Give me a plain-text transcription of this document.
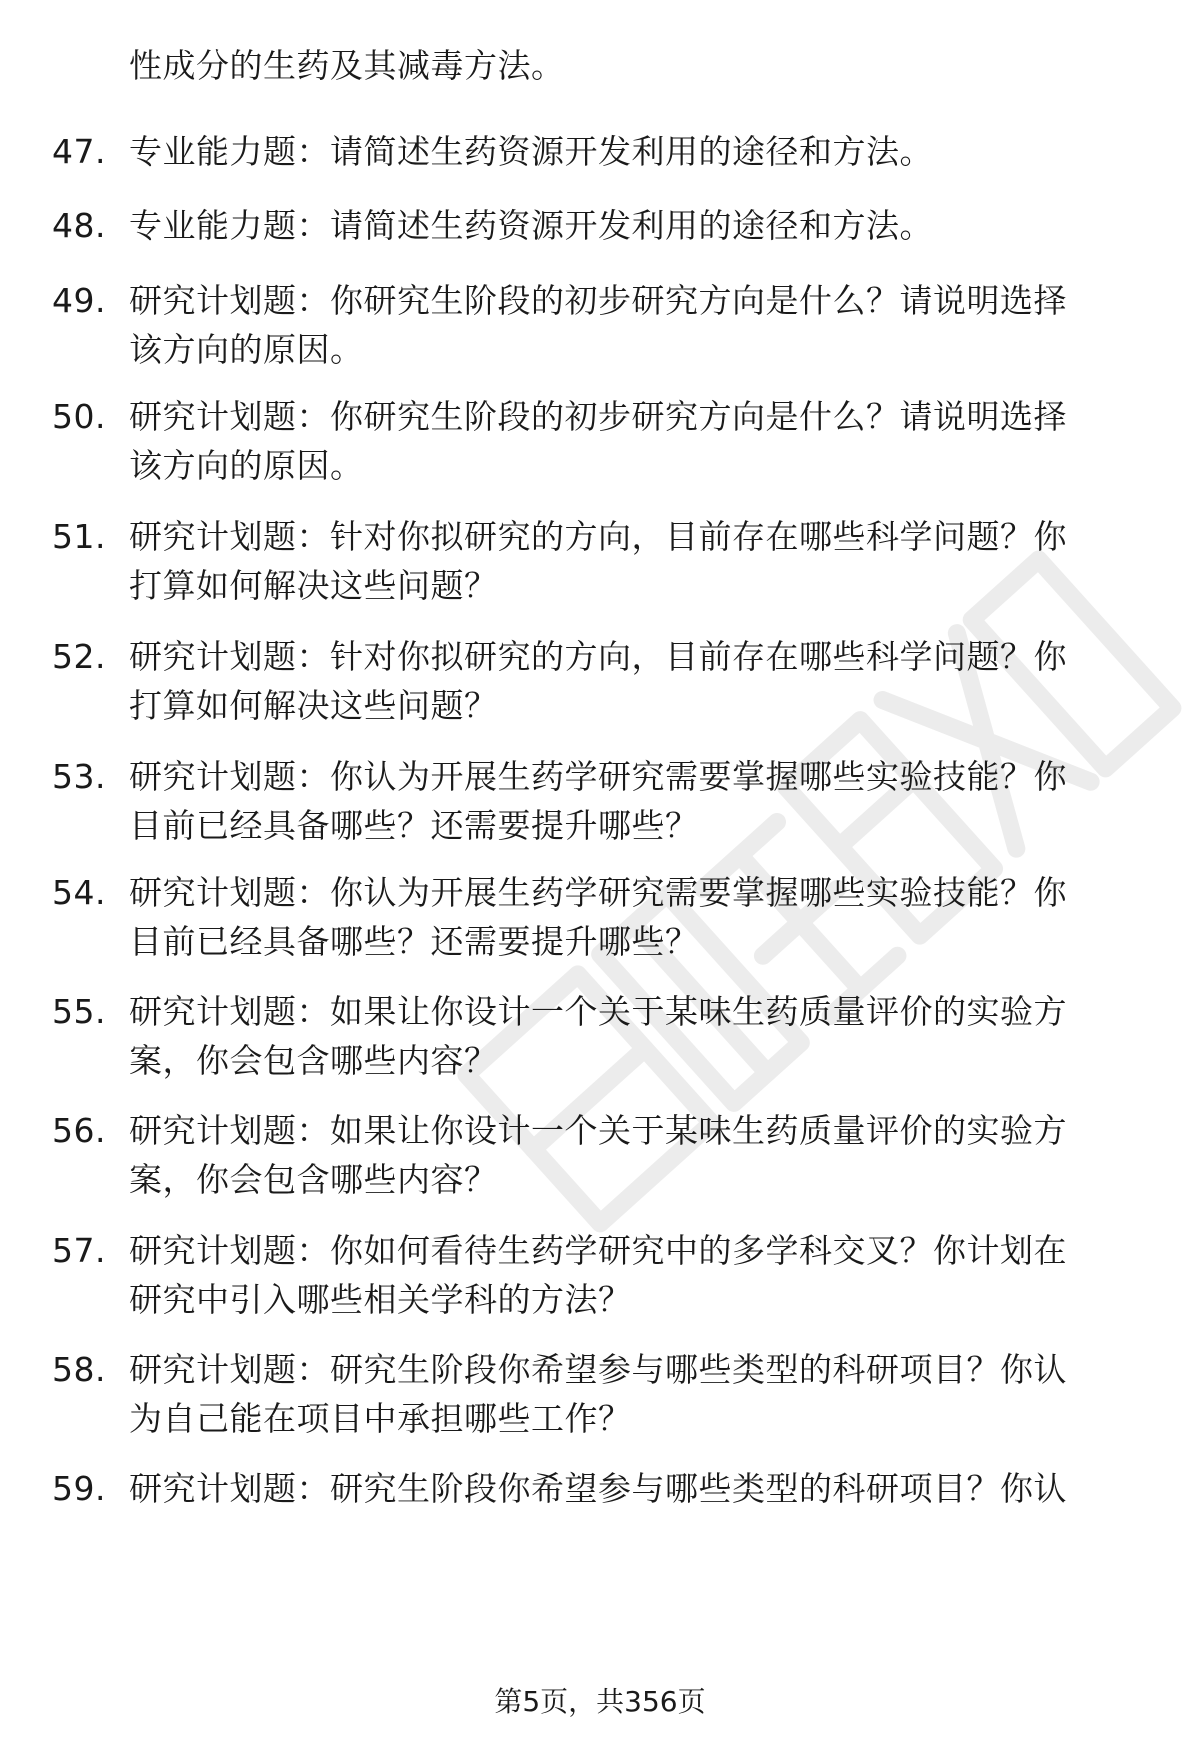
性成分的生药及其减毒方法。
47. 专业能力题：请简述生药资源开发利用的途径和方法。
48. 专业能力题：请简述生药资源开发利用的途径和方法。
49. 研究计划题：你研究生阶段的初步研究方向是什么？请说明选择
该方向的原因。
50. 研究计划题：你研究生阶段的初步研究方向是什么？请说明选择
该方向的原因。
51. 研究计划题：针对你拟研究的方向，目前存在哪些科学问题？你
打算如何解决这些问题？
52. 研究计划题：针对你拟研究的方向，目前存在哪些科学问题？你
打算如何解决这些问题？
53. 研究计划题：你认为开展生药学研究需要掌握哪些实验技能？你
目前已经具备哪些？还需要提升哪些？
54. 研究计划题：你认为开展生药学研究需要掌握哪些实验技能？你
目前已经具备哪些？还需要提升哪些？
55. 研究计划题：如果让你设计一个关于某味生药质量评价的实验方
案，你会包含哪些内容？
56. 研究计划题：如果让你设计一个关于某味生药质量评价的实验方
案，你会包含哪些内容？
57. 研究计划题：你如何看待生药学研究中的多学科交叉？你计划在
研究中引入哪些相关学科的方法？
58. 研究计划题：研究生阶段你希望参与哪些类型的科研项目？你认
为自己能在项目中承担哪些工作？
59. 研究计划题：研究生阶段你希望参与哪些类型的科研项目？你认
第5页，共356页
